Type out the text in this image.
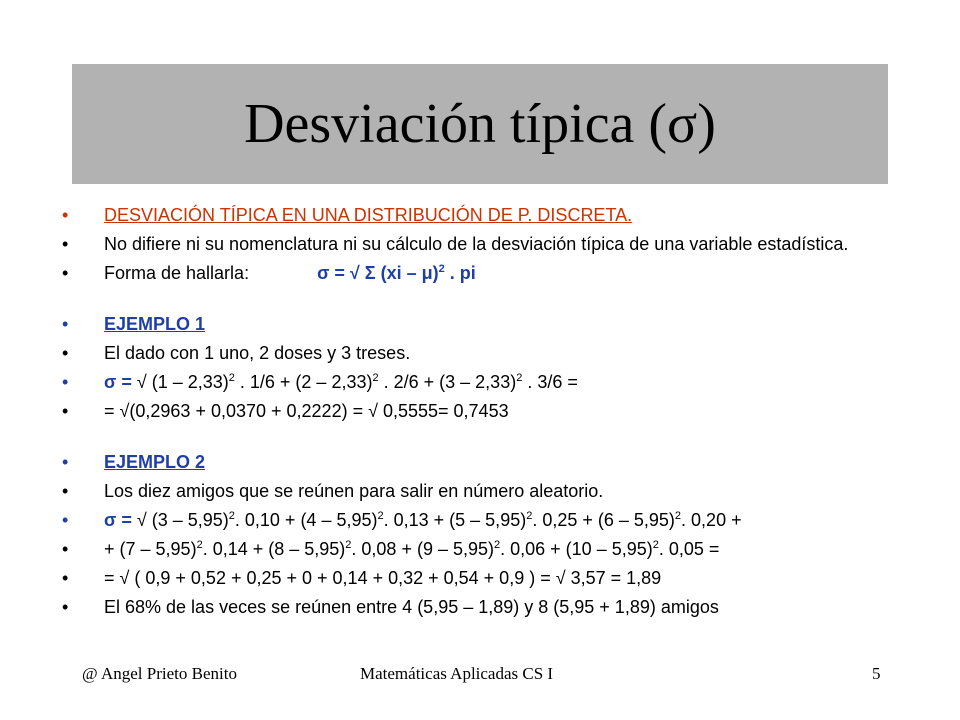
Desviación típica (σ)
•	DESVIACIÓN TÍPICA EN UNA DISTRIBUCIÓN DE P. DISCRETA.
•	No difiere ni su nomenclatura ni su cálculo de la desviación típica de una variable estadística.
•	Forma de hallarla:	σ = √ Σ (xi – μ)$^2$ . pi
•	EJEMPLO 1
•	El dado con 1 uno, 2 doses y 3 treses.
•	σ = √ (1 – 2,33)$^2$ . 1/6 + (2 – 2,33)$^2$ . 2/6 + (3 – 2,33)$^2$ . 3/6 =
•	= √(0,2963 + 0,0370 + 0,2222) = √ 0,5555= 0,7453
•	EJEMPLO 2
•	Los diez amigos que se reúnen para salir en número aleatorio.
•	σ = √ (3 – 5,95)$^2$. 0,10 + (4 – 5,95)$^2$. 0,13 + (5 – 5,95)$^2$. 0,25 + (6 – 5,95)$^2$. 0,20 +
•	+ (7 – 5,95)$^2$. 0,14 + (8 – 5,95)$^2$. 0,08 + (9 – 5,95)$^2$. 0,06 + (10 – 5,95)$^2$. 0,05 =
•	= √ ( 0,9 + 0,52 + 0,25 + 0 + 0,14 + 0,32 + 0,54 + 0,9 ) = √ 3,57 = 1,89
•	El 68% de las veces se reúnen entre 4 (5,95 – 1,89) y 8 (5,95 + 1,89) amigos
@ Angel Prieto Benito	Matemáticas Aplicadas CS I	5
